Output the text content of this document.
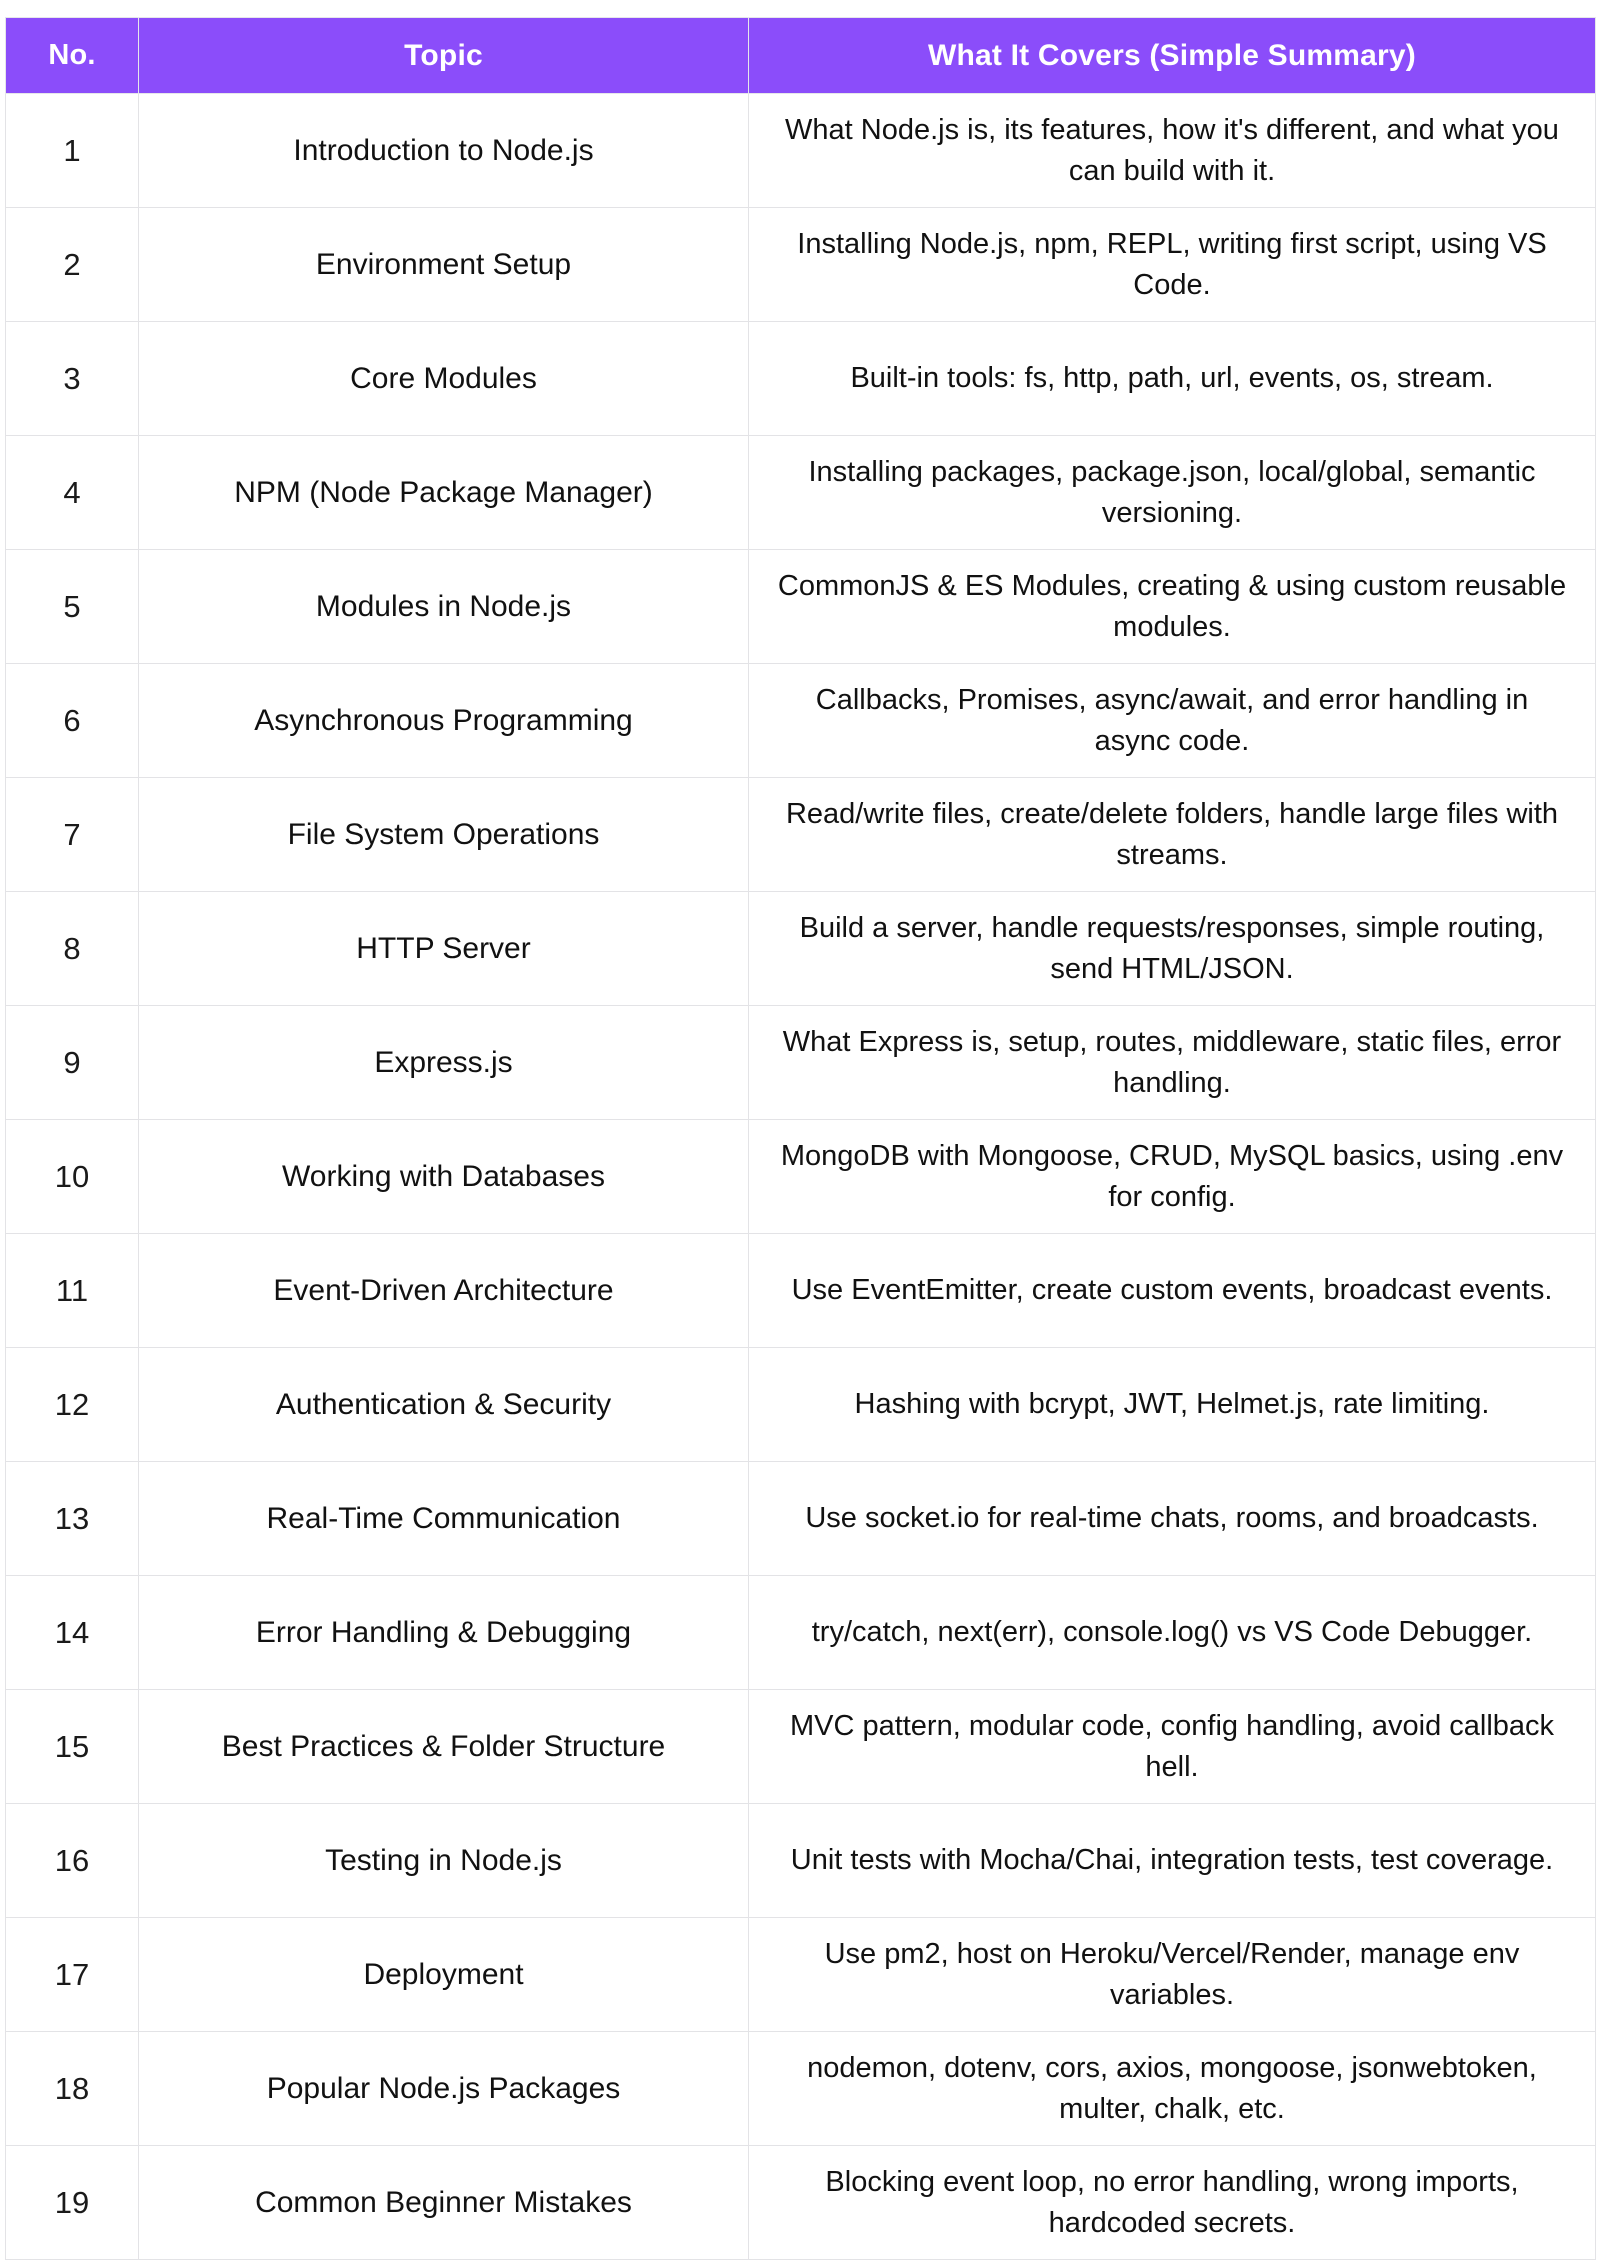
No.	Topic	What It Covers (Simple Summary)
1	Introduction to Node.js	What Node.js is, its features, how it's different, and what you can build with it.
2	Environment Setup	Installing Node.js, npm, REPL, writing first script, using VS Code.
3	Core Modules	Built-in tools: fs, http, path, url, events, os, stream.
4	NPM (Node Package Manager)	Installing packages, package.json, local/global, semantic versioning.
5	Modules in Node.js	CommonJS & ES Modules, creating & using custom reusable modules.
6	Asynchronous Programming	Callbacks, Promises, async/await, and error handling in async code.
7	File System Operations	Read/write files, create/delete folders, handle large files with streams.
8	HTTP Server	Build a server, handle requests/responses, simple routing, send HTML/JSON.
9	Express.js	What Express is, setup, routes, middleware, static files, error handling.
10	Working with Databases	MongoDB with Mongoose, CRUD, MySQL basics, using .env for config.
11	Event-Driven Architecture	Use EventEmitter, create custom events, broadcast events.
12	Authentication & Security	Hashing with bcrypt, JWT, Helmet.js, rate limiting.
13	Real-Time Communication	Use socket.io for real-time chats, rooms, and broadcasts.
14	Error Handling & Debugging	try/catch, next(err), console.log() vs VS Code Debugger.
15	Best Practices & Folder Structure	MVC pattern, modular code, config handling, avoid callback hell.
16	Testing in Node.js	Unit tests with Mocha/Chai, integration tests, test coverage.
17	Deployment	Use pm2, host on Heroku/Vercel/Render, manage env variables.
18	Popular Node.js Packages	nodemon, dotenv, cors, axios, mongoose, jsonwebtoken, multer, chalk, etc.
19	Common Beginner Mistakes	Blocking event loop, no error handling, wrong imports, hardcoded secrets.
